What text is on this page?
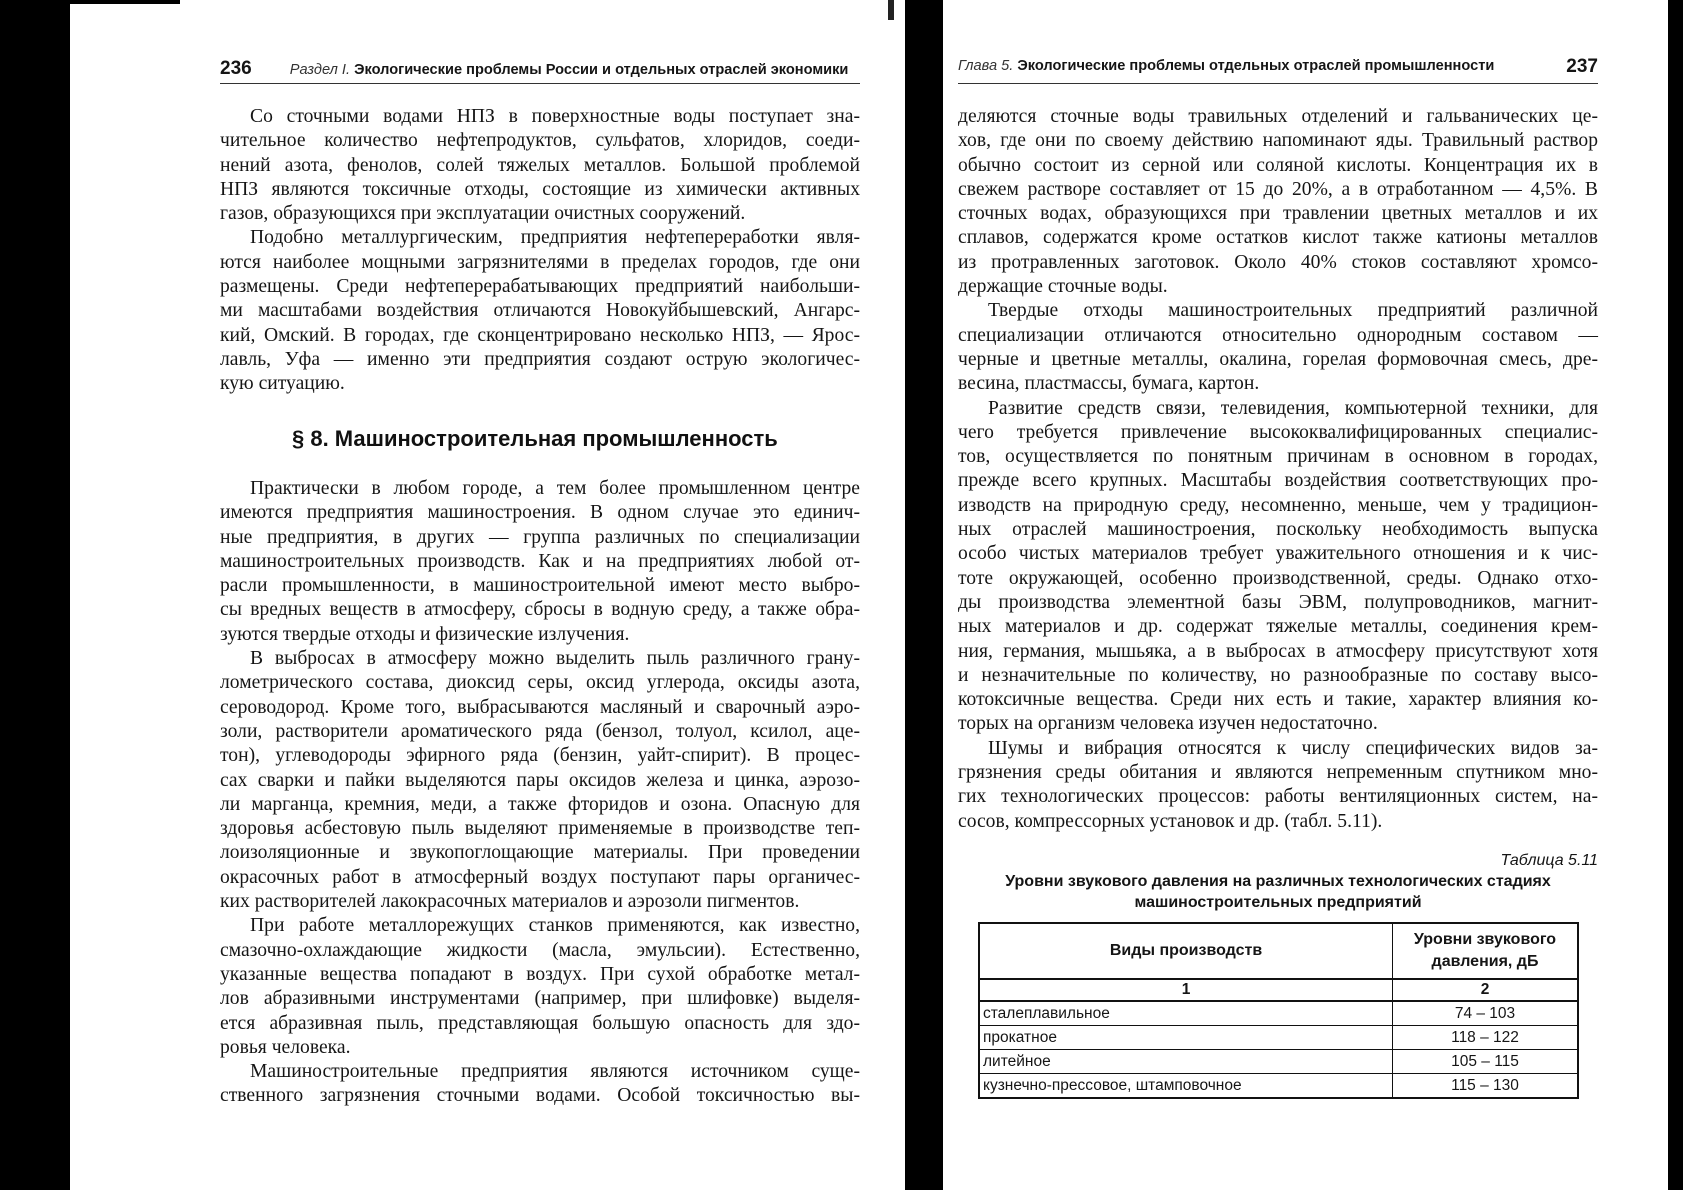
236	Раздел I. Экологические проблемы России и отдельных отраслей экономики
Со сточными водами НПЗ в поверхностные воды поступает зна-
чительное количество нефтепродуктов, сульфатов, хлоридов, соеди-
нений азота, фенолов, солей тяжелых металлов. Большой проблемой
НПЗ являются токсичные отходы, состоящие из химически активных
газов, образующихся при эксплуатации очистных сооружений.
Подобно металлургическим, предприятия нефтепереработки явля-
ются наиболее мощными загрязнителями в пределах городов, где они
размещены. Среди нефтеперерабатывающих предприятий наибольши-
ми масштабами воздействия отличаются Новокуйбышевский, Ангарс-
кий, Омский. В городах, где сконцентрировано несколько НПЗ, — Ярос-
лавль, Уфа — именно эти предприятия создают острую экологичес-
кую ситуацию.
§ 8. Машиностроительная промышленность
Практически в любом городе, а тем более промышленном центре
имеются предприятия машиностроения. В одном случае это единич-
ные предприятия, в других — группа различных по специализации
машиностроительных производств. Как и на предприятиях любой от-
расли промышленности, в машиностроительной имеют место выбро-
сы вредных веществ в атмосферу, сбросы в водную среду, а также обра-
зуются твердые отходы и физические излучения.
В выбросах в атмосферу можно выделить пыль различного грану-
лометрического состава, диоксид серы, оксид углерода, оксиды азота,
сероводород. Кроме того, выбрасываются масляный и сварочный аэро-
золи, растворители ароматического ряда (бензол, толуол, ксилол, аце-
тон), углеводороды эфирного ряда (бензин, уайт-спирит). В процес-
сах сварки и пайки выделяются пары оксидов железа и цинка, аэрозо-
ли марганца, кремния, меди, а также фторидов и озона. Опасную для
здоровья асбестовую пыль выделяют применяемые в производстве теп-
лоизоляционные и звукопоглощающие материалы. При проведении
окрасочных работ в атмосферный воздух поступают пары органичес-
ких растворителей лакокрасочных материалов и аэрозоли пигментов.
При работе металлорежущих станков применяются, как известно,
смазочно-охлаждающие жидкости (масла, эмульсии). Естественно,
указанные вещества попадают в воздух. При сухой обработке метал-
лов абразивными инструментами (например, при шлифовке) выделя-
ется абразивная пыль, представляющая большую опасность для здо-
ровья человека.
Машиностроительные предприятия являются источником суще-
ственного загрязнения сточными водами. Особой токсичностью вы-
Глава 5. Экологические проблемы отдельных отраслей промышленности	237
деляются сточные воды травильных отделений и гальванических це-
хов, где они по своему действию напоминают яды. Травильный раствор
обычно состоит из серной или соляной кислоты. Концентрация их в
свежем растворе составляет от 15 до 20%, а в отработанном — 4,5%. В
сточных водах, образующихся при травлении цветных металлов и их
сплавов, содержатся кроме остатков кислот также катионы металлов
из протравленных заготовок. Около 40% стоков составляют хромсо-
держащие сточные воды.
Твердые отходы машиностроительных предприятий различной
специализации отличаются относительно однородным составом —
черные и цветные металлы, окалина, горелая формовочная смесь, дре-
весина, пластмассы, бумага, картон.
Развитие средств связи, телевидения, компьютерной техники, для
чего требуется привлечение высококвалифицированных специалис-
тов, осуществляется по понятным причинам в основном в городах,
прежде всего крупных. Масштабы воздействия соответствующих про-
изводств на природную среду, несомненно, меньше, чем у традицион-
ных отраслей машиностроения, поскольку необходимость выпуска
особо чистых материалов требует уважительного отношения и к чис-
тоте окружающей, особенно производственной, среды. Однако отхо-
ды производства элементной базы ЭВМ, полупроводников, магнит-
ных материалов и др. содержат тяжелые металлы, соединения крем-
ния, германия, мышьяка, а в выбросах в атмосферу присутствуют хотя
и незначительные по количеству, но разнообразные по составу высо-
котоксичные вещества. Среди них есть и такие, характер влияния ко-
торых на организм человека изучен недостаточно.
Шумы и вибрация относятся к числу специфических видов за-
грязнения среды обитания и являются непременным спутником мно-
гих технологических процессов: работы вентиляционных систем, на-
сосов, компрессорных установок и др. (табл. 5.11).
Таблица 5.11
Уровни звукового давления на различных технологических стадиях
машиностроительных предприятий
Виды производств	Уровни звукового
давления, дБ
1	2
сталеплавильное	74 – 103
прокатное	118 – 122
литейное	105 – 115
кузнечно-прессовое, штамповочное	115 – 130
